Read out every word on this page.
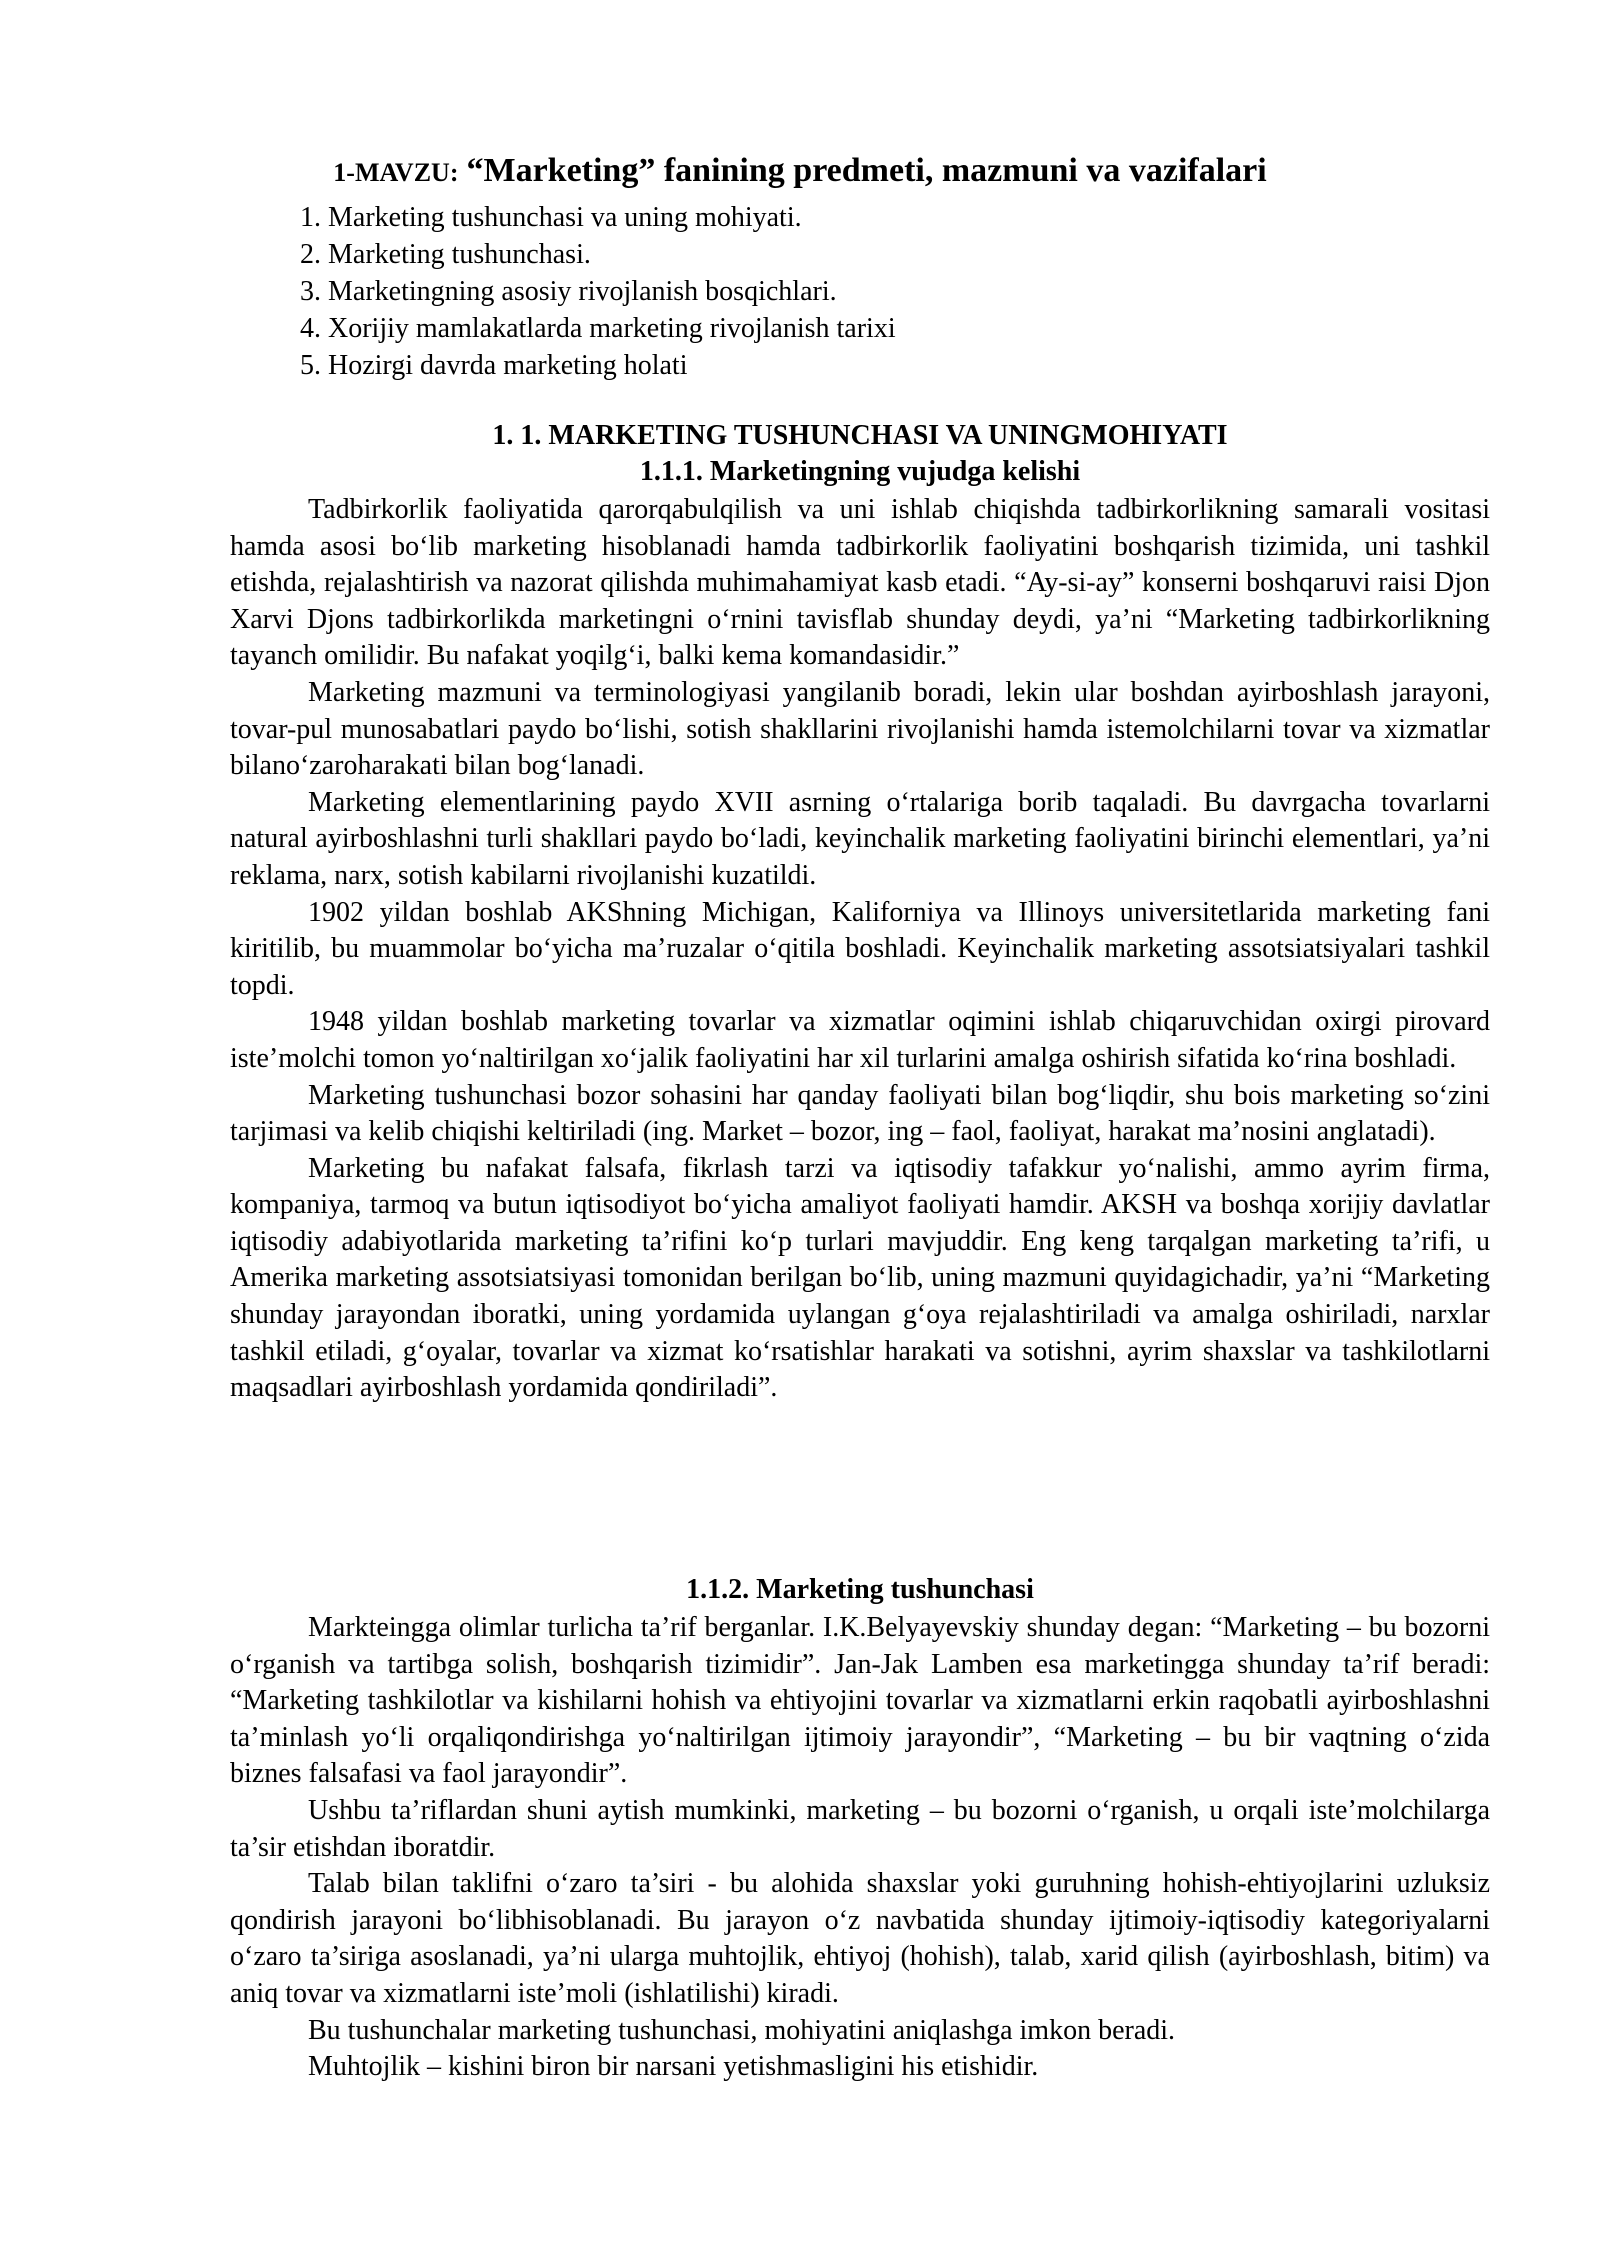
1-MAVZU: “Marketing” fanining predmeti, mazmuni va vazifalari
1. Marketing tushunchasi va uning mohiyati.
2. Marketing tushunchasi.
3. Marketingning asosiy rivojlanish bosqichlari.
4. Xorijiy mamlakatlarda marketing rivojlanish tarixi
5. Hozirgi davrda marketing holati
1. 1. MARKETING TUSHUNCHASI VA UNINGMOHIYATI
1.1.1. Marketingning vujudga kelishi

Tadbirkorlik faoliyatida qarorqabulqilish va uni ishlab chiqishda tadbirkorlikning samarali vositasi hamda asosi bo‘lib marketing hisoblanadi hamda tadbirkorlik faoliyatini boshqarish tizimida, uni tashkil etishda, rejalashtirish va nazorat qilishda muhimahamiyat kasb etadi. “Ay-si-ay” konserni boshqaruvi raisi Djon Xarvi Djons tadbirkorlikda marketingni o‘rnini tavisflab shunday deydi, ya’ni “Marketing tadbirkorlikning tayanch omilidir. Bu nafakat yoqilg‘i, balki kema komandasidir.”

Marketing mazmuni va terminologiyasi yangilanib boradi, lekin ular boshdan ayirboshlash jarayoni, tovar-pul munosabatlari paydo bo‘lishi, sotish shakllarini rivojlanishi hamda istemolchilarni tovar va xizmatlar bilano‘zaroharakati bilan bog‘lanadi.

Marketing elementlarining paydo XVII asrning o‘rtalariga borib taqaladi. Bu davrgacha tovarlarni natural ayirboshlashni turli shakllari paydo bo‘ladi, keyinchalik marketing faoliyatini birinchi elementlari, ya’ni reklama, narx, sotish kabilarni rivojlanishi kuzatildi.

1902 yildan boshlab AKShning Michigan, Kaliforniya va Illinoys universitetlarida marketing fani kiritilib, bu muammolar bo‘yicha ma’ruzalar o‘qitila boshladi. Keyinchalik marketing assotsiatsiyalari tashkil topdi.

1948 yildan boshlab marketing tovarlar va xizmatlar oqimini ishlab chiqaruvchidan oxirgi pirovard iste’molchi tomon yo‘naltirilgan xo‘jalik faoliyatini har xil turlarini amalga oshirish sifatida ko‘rina boshladi.

Marketing tushunchasi bozor sohasini har qanday faoliyati bilan bog‘liqdir, shu bois marketing so‘zini tarjimasi va kelib chiqishi keltiriladi (ing. Market – bozor, ing – faol, faoliyat, harakat ma’nosini anglatadi).

Marketing bu nafakat falsafa, fikrlash tarzi va iqtisodiy tafakkur yo‘nalishi, ammo ayrim firma, kompaniya, tarmoq va butun iqtisodiyot bo‘yicha amaliyot faoliyati hamdir. AKSH va boshqa xorijiy davlatlar iqtisodiy adabiyotlarida marketing ta’rifini ko‘p turlari mavjuddir. Eng keng tarqalgan marketing ta’rifi, u Amerika marketing assotsiatsiyasi tomonidan berilgan bo‘lib, uning mazmuni quyidagichadir, ya’ni “Marketing shunday jarayondan iboratki, uning yordamida uylangan g‘oya rejalashtiriladi va amalga oshiriladi, narxlar tashkil etiladi, g‘oyalar, tovarlar va xizmat ko‘rsatishlar harakati va sotishni, ayrim shaxslar va tashkilotlarni maqsadlari ayirboshlash yordamida qondiriladi”.

1.1.2. Marketing tushunchasi

Markteingga olimlar turlicha ta’rif berganlar. I.K.Belyayevskiy shunday degan: “Marketing – bu bozorni o‘rganish va tartibga solish, boshqarish tizimidir”. Jan-Jak Lamben esa marketingga shunday ta’rif beradi: “Marketing tashkilotlar va kishilarni hohish va ehtiyojini tovarlar va xizmatlarni erkin raqobatli ayirboshlashni ta’minlash yo‘li orqaliqondirishga yo‘naltirilgan ijtimoiy jarayondir”, “Marketing – bu bir vaqtning o‘zida biznes falsafasi va faol jarayondir”.

Ushbu ta’riflardan shuni aytish mumkinki, marketing – bu bozorni o‘rganish, u orqali iste’molchilarga ta’sir etishdan iboratdir.

Talab bilan taklifni o‘zaro ta’siri - bu alohida shaxslar yoki guruhning hohish-ehtiyojlarini uzluksiz qondirish jarayoni bo‘libhisoblanadi. Bu jarayon o‘z navbatida shunday ijtimoiy-iqtisodiy kategoriyalarni o‘zaro ta’siriga asoslanadi, ya’ni ularga muhtojlik, ehtiyoj (hohish), talab, xarid qilish (ayirboshlash, bitim) va aniq tovar va xizmatlarni iste’moli (ishlatilishi) kiradi.

Bu tushunchalar marketing tushunchasi, mohiyatini aniqlashga imkon beradi.

Muhtojlik – kishini biron bir narsani yetishmasligini his etishidir.
